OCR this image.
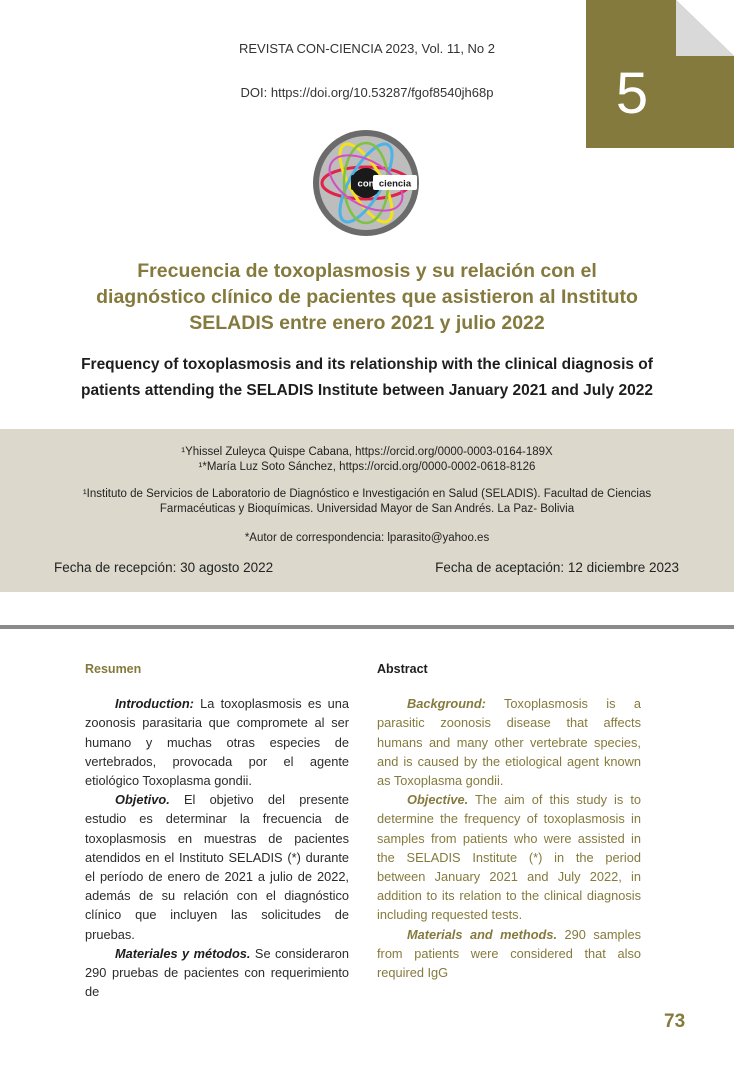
REVISTA CON-CIENCIA 2023, Vol. 11, No 2
DOI: https://doi.org/10.53287/fgof8540jh68p	5
con ciencia
Frecuencia de toxoplasmosis y su relación con el
diagnóstico clínico de pacientes que asistieron al Instituto
SELADIS entre enero 2021 y julio 2022
Frequency of toxoplasmosis and its relationship with the clinical diagnosis of
patients attending the SELADIS Institute between January 2021 and July 2022
¹Yhissel Zuleyca Quispe Cabana, https://orcid.org/0000-0003-0164-189X
¹*María Luz Soto Sánchez, https://orcid.org/0000-0002-0618-8126
¹Instituto de Servicios de Laboratorio de Diagnóstico e Investigación en Salud (SELADIS). Facultad de Ciencias
Farmacéuticas y Bioquímicas. Universidad Mayor de San Andrés. La Paz- Bolivia
*Autor de correspondencia: lparasito@yahoo.es
Fecha de recepción: 30 agosto 2022	Fecha de aceptación: 12 diciembre 2023
Resumen

Introduction: La toxoplasmosis es una zoonosis parasitaria que compromete al ser humano y muchas otras especies de vertebrados, provocada por el agente etiológico Toxoplasma gondii.

Objetivo. El objetivo del presente estudio es determinar la frecuencia de toxoplasmosis en muestras de pacientes atendidos en el Instituto SELADIS (*) durante el período de enero de 2021 a julio de 2022, además de su relación con el diagnóstico clínico que incluyen las solicitudes de pruebas.

Materiales y métodos. Se consideraron 290 pruebas de pacientes con requerimiento de

Abstract

Background: Toxoplasmosis is a parasitic zoonosis disease that affects humans and many other vertebrate species, and is caused by the etiological agent known as Toxoplasma gondii.

Objective. The aim of this study is to determine the frequency of toxoplasmosis in samples from patients who were assisted in the SELADIS Institute (*) in the period between January 2021 and July 2022, in addition to its relation to the clinical diagnosis including requested tests.

Materials and methods. 290 samples from patients were considered that also required IgG

73
